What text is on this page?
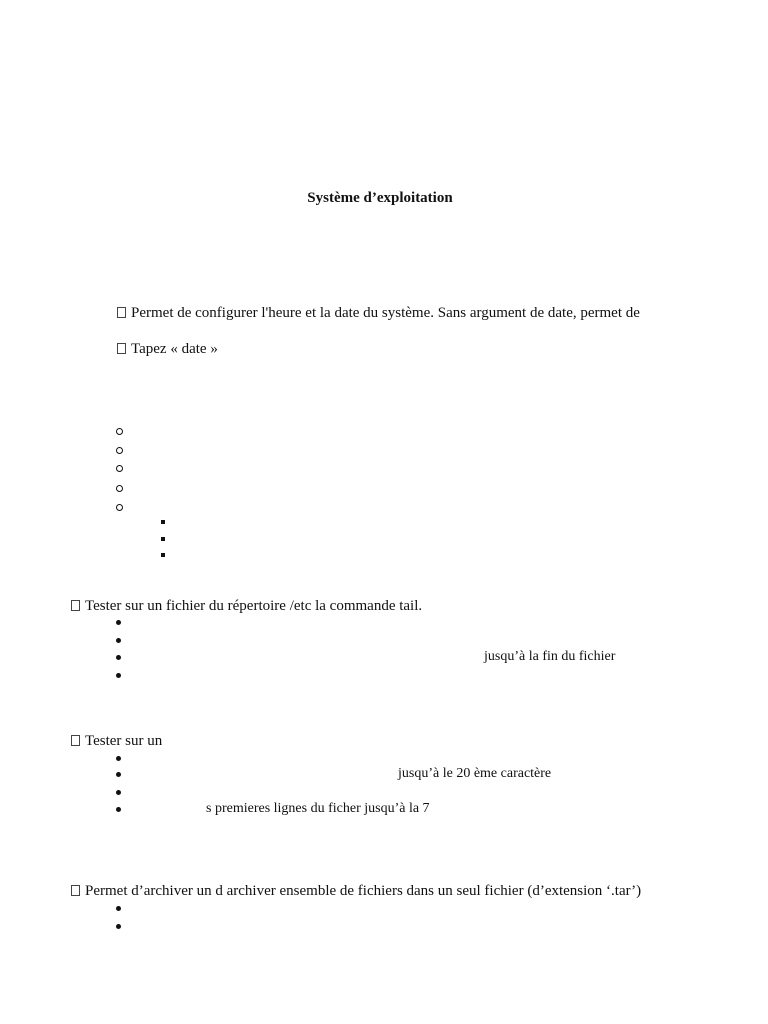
Système d’exploitation
Permet de configurer l'heure et la date du système. Sans argument de date, permet de
Tapez « date »
Tester sur un fichier du répertoire /etc la commande tail.
jusqu’à la fin du fichier
Tester sur un
jusqu’à le 20 ème caractère
s premieres lignes du ficher jusqu’à la 7
Permet d’archiver un d archiver ensemble de fichiers dans un seul fichier (d’extension ‘.tar’)
